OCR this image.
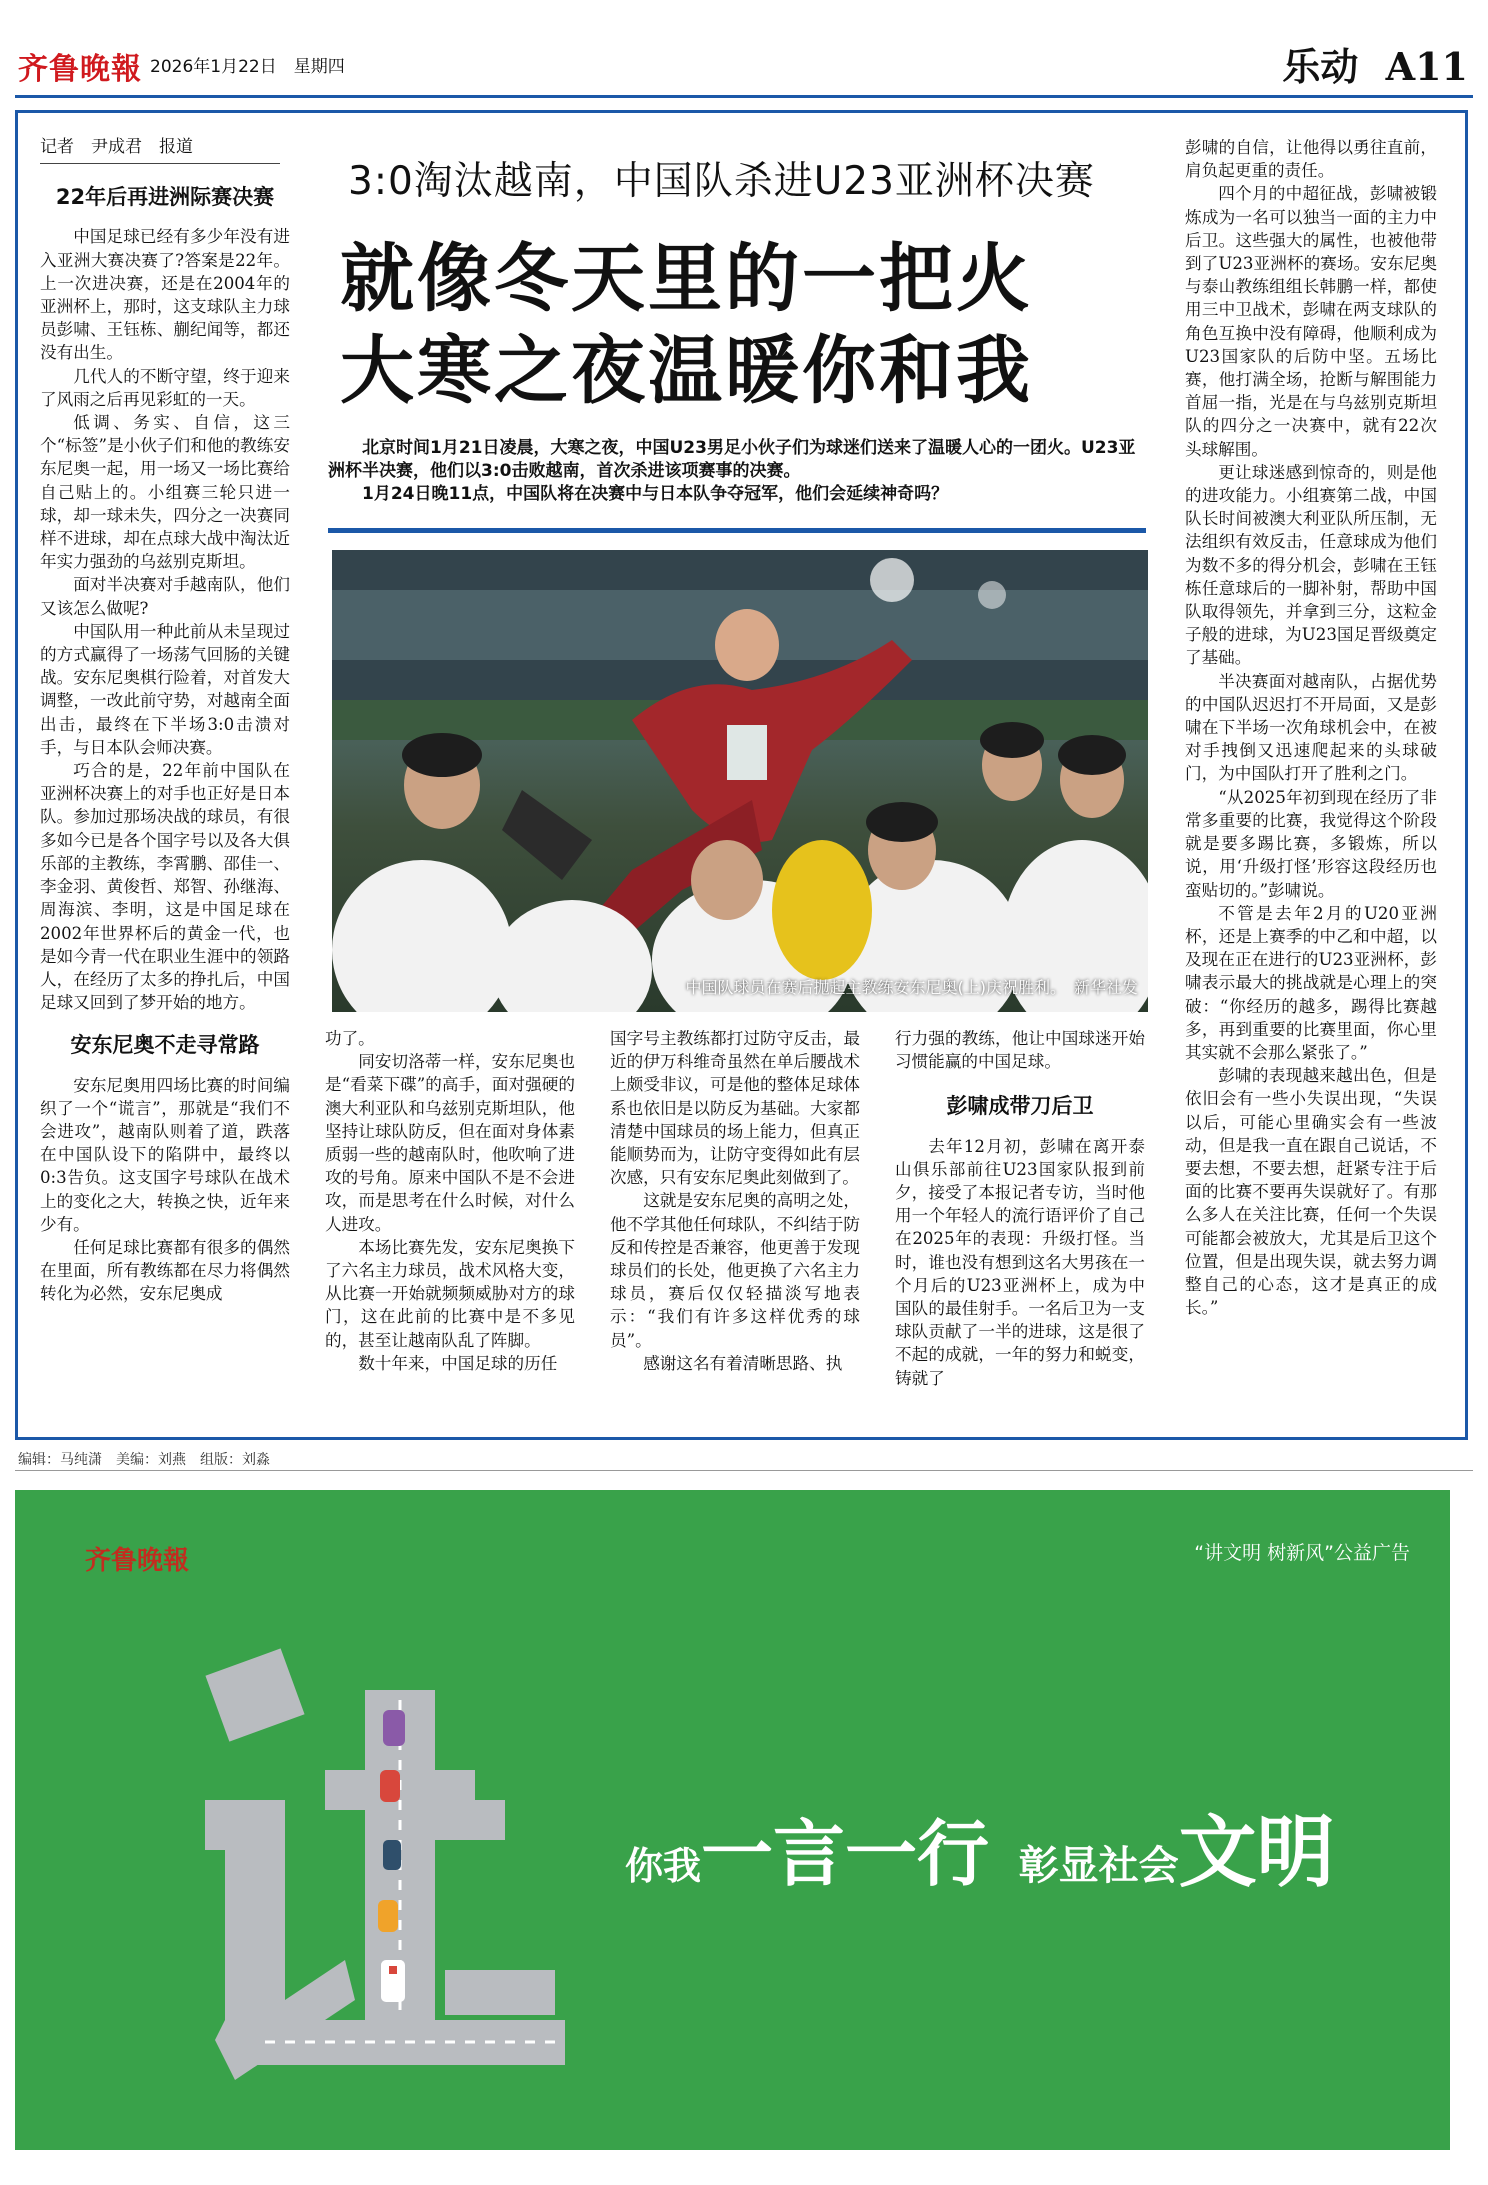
齐鲁晚報 2026年1月22日　星期四	乐动 A11
记者　尹成君　报道
22年后再进洲际赛决赛

中国足球已经有多少年没有进入亚洲大赛决赛了?答案是22年。上一次进决赛，还是在2004年的亚洲杯上，那时，这支球队主力球员彭啸、王钰栋、蒯纪闻等，都还没有出生。

几代人的不断守望，终于迎来了风雨之后再见彩虹的一天。

低调、务实、自信，这三个“标签”是小伙子们和他的教练安东尼奥一起，用一场又一场比赛给自己贴上的。小组赛三轮只进一球，却一球未失，四分之一决赛同样不进球，却在点球大战中淘汰近年实力强劲的乌兹别克斯坦。

面对半决赛对手越南队，他们又该怎么做呢?

中国队用一种此前从未呈现过的方式赢得了一场荡气回肠的关键战。安东尼奥棋行险着，对首发大调整，一改此前守势，对越南全面出击，最终在下半场3:0击溃对手，与日本队会师决赛。

巧合的是，22年前中国队在亚洲杯决赛上的对手也正好是日本队。参加过那场决战的球员，有很多如今已是各个国字号以及各大俱乐部的主教练，李霄鹏、邵佳一、李金羽、黄俊哲、郑智、孙继海、周海滨、李明，这是中国足球在2002年世界杯后的黄金一代，也是如今青一代在职业生涯中的领路人，在经历了太多的挣扎后，中国足球又回到了梦开始的地方。

安东尼奥不走寻常路

安东尼奥用四场比赛的时间编织了一个“谎言”，那就是“我们不会进攻”，越南队则着了道，跌落在中国队设下的陷阱中，最终以0:3告负。这支国字号球队在战术上的变化之大，转换之快，近年来少有。

任何足球比赛都有很多的偶然在里面，所有教练都在尽力将偶然转化为必然，安东尼奥成

3:0淘汰越南，中国队杀进U23亚洲杯决赛
就像冬天里的一把火
大寒之夜温暖你和我

北京时间1月21日凌晨，大寒之夜，中国U23男足小伙子们为球迷们送来了温暖人心的一团火。U23亚洲杯半决赛，他们以3:0击败越南，首次杀进该项赛事的决赛。

1月24日晚11点，中国队将在决赛中与日本队争夺冠军，他们会延续神奇吗？

中国队球员在赛后抛起主教练安东尼奥(上)庆祝胜利。　新华社发

功了。

同安切洛蒂一样，安东尼奥也是“看菜下碟”的高手，面对强硬的澳大利亚队和乌兹别克斯坦队，他坚持让球队防反，但在面对身体素质弱一些的越南队时，他吹响了进攻的号角。原来中国队不是不会进攻，而是思考在什么时候，对什么人进攻。

本场比赛先发，安东尼奥换下了六名主力球员，战术风格大变，从比赛一开始就频频威胁对方的球门，这在此前的比赛中是不多见的，甚至让越南队乱了阵脚。

数十年来，中国足球的历任

国字号主教练都打过防守反击，最近的伊万科维奇虽然在单后腰战术上颇受非议，可是他的整体足球体系也依旧是以防反为基础。大家都清楚中国球员的场上能力，但真正能顺势而为，让防守变得如此有层次感，只有安东尼奥此刻做到了。

这就是安东尼奥的高明之处，他不学其他任何球队，不纠结于防反和传控是否兼容，他更善于发现球员们的长处，他更换了六名主力球员，赛后仅仅轻描淡写地表示：“我们有许多这样优秀的球员”。

感谢这名有着清晰思路、执

行力强的教练，他让中国球迷开始习惯能赢的中国足球。

彭啸成带刀后卫

去年12月初，彭啸在离开泰山俱乐部前往U23国家队报到前夕，接受了本报记者专访，当时他用一个年轻人的流行语评价了自己在2025年的表现：升级打怪。当时，谁也没有想到这名大男孩在一个月后的U23亚洲杯上，成为中国队的最佳射手。一名后卫为一支球队贡献了一半的进球，这是很了不起的成就，一年的努力和蜕变，铸就了

彭啸的自信，让他得以勇往直前，肩负起更重的责任。

四个月的中超征战，彭啸被锻炼成为一名可以独当一面的主力中后卫。这些强大的属性，也被他带到了U23亚洲杯的赛场。安东尼奥与泰山教练组组长韩鹏一样，都使用三中卫战术，彭啸在两支球队的角色互换中没有障碍，他顺利成为U23国家队的后防中坚。五场比赛，他打满全场，抢断与解围能力首屈一指，光是在与乌兹别克斯坦队的四分之一决赛中，就有22次头球解围。

更让球迷感到惊奇的，则是他的进攻能力。小组赛第二战，中国队长时间被澳大利亚队所压制，无法组织有效反击，任意球成为他们为数不多的得分机会，彭啸在王钰栋任意球后的一脚补射，帮助中国队取得领先，并拿到三分，这粒金子般的进球，为U23国足晋级奠定了基础。

半决赛面对越南队，占据优势的中国队迟迟打不开局面，又是彭啸在下半场一次角球机会中，在被对手拽倒又迅速爬起来的头球破门，为中国队打开了胜利之门。

“从2025年初到现在经历了非常多重要的比赛，我觉得这个阶段就是要多踢比赛，多锻炼，所以说，用‘升级打怪’形容这段经历也蛮贴切的。”彭啸说。

不管是去年2月的U20亚洲杯，还是上赛季的中乙和中超，以及现在正在进行的U23亚洲杯，彭啸表示最大的挑战就是心理上的突破：“你经历的越多，踢得比赛越多，再到重要的比赛里面，你心里其实就不会那么紧张了。”

彭啸的表现越来越出色，但是依旧会有一些小失误出现，“失误以后，可能心里确实会有一些波动，但是我一直在跟自己说话，不要去想，不要去想，赶紧专注于后面的比赛不要再失误就好了。有那么多人在关注比赛，任何一个失误可能都会被放大，尤其是后卫这个位置，但是出现失误，就去努力调整自己的心态，这才是真正的成长。”

编辑：马纯潇　美编：刘燕　组版：刘淼
齐鲁晚報	“讲文明 树新风”公益广告
你我一言一行 彰显社会文明
